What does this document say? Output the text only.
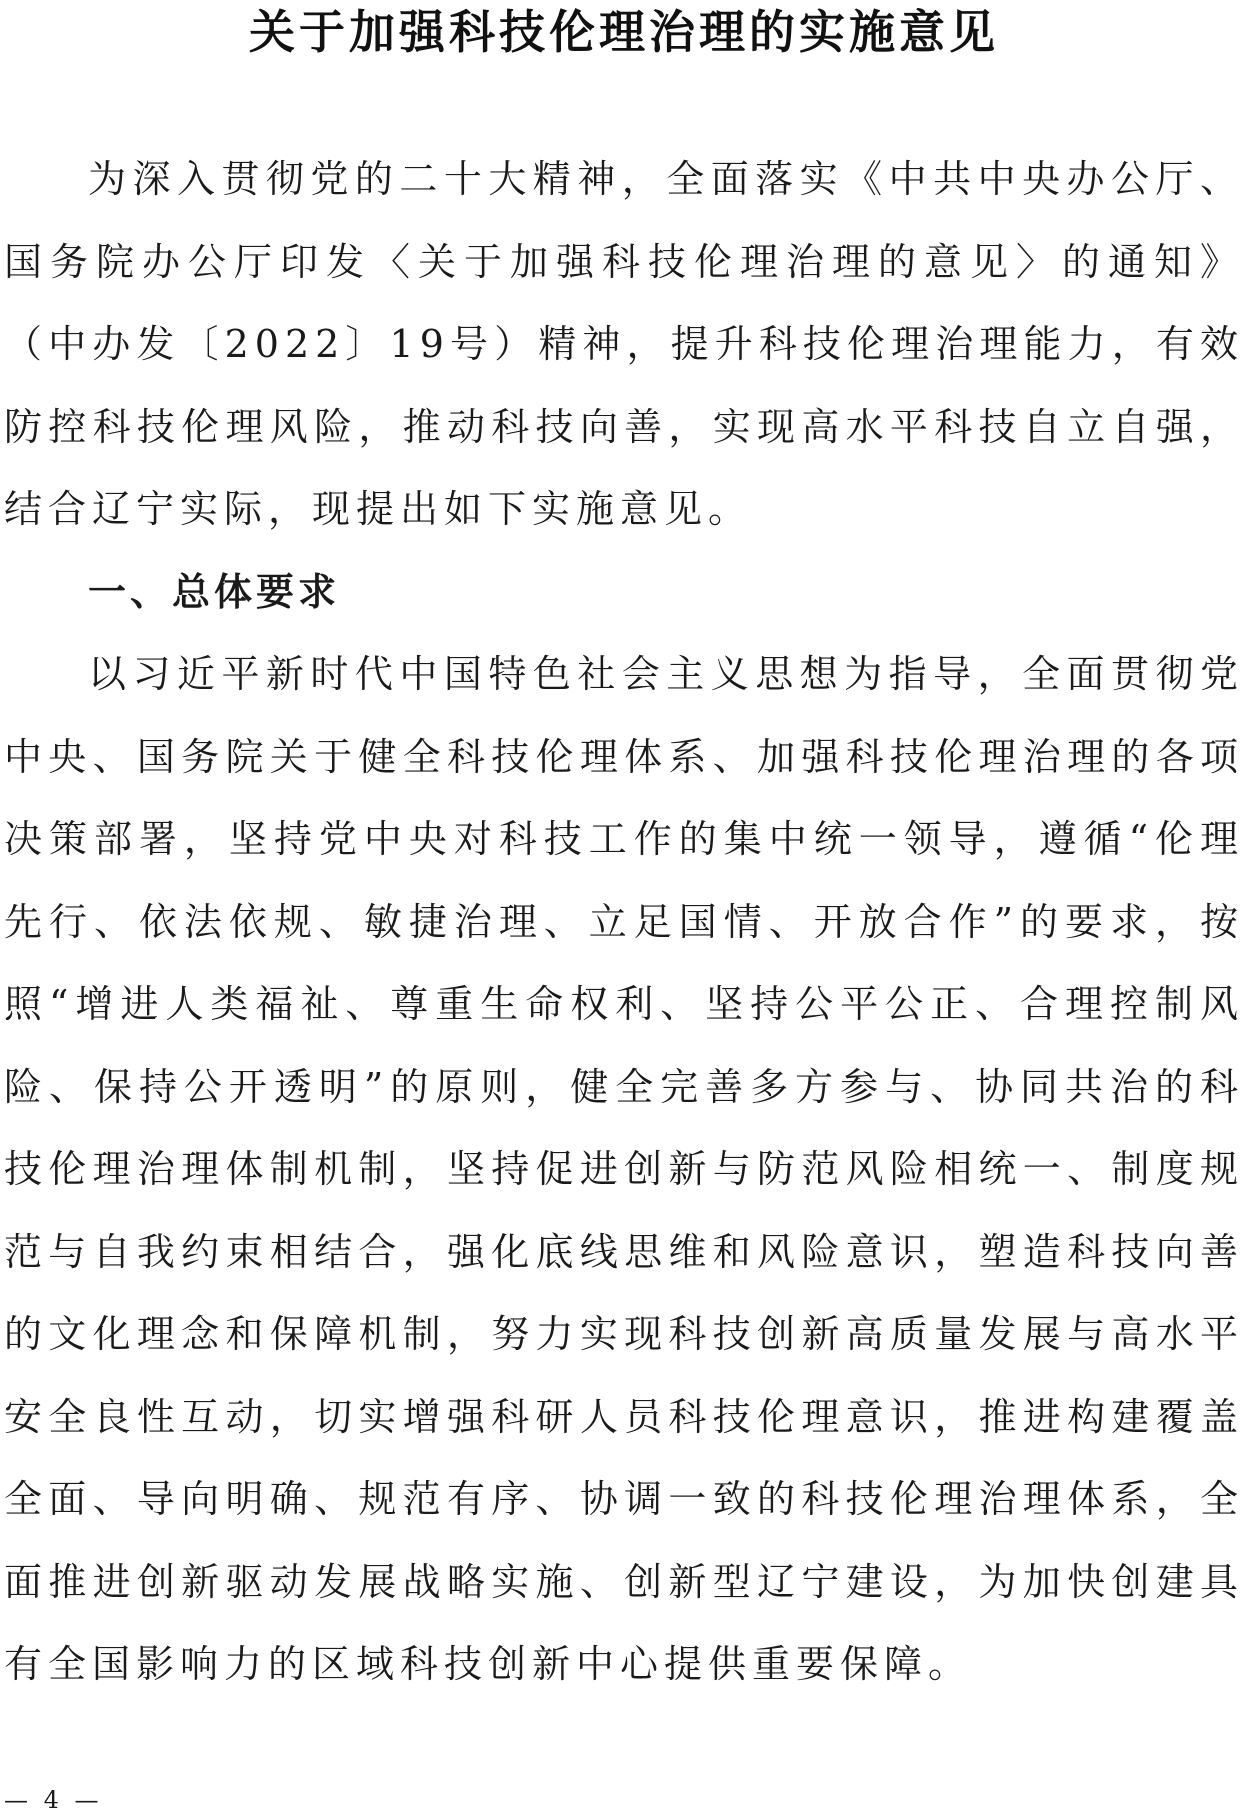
关于加强科技伦理治理的实施意见

为深入贯彻党的二十大精神，全面落实《中共中央办公厅、国务院办公厅印发〈关于加强科技伦理治理的意见〉的通知》（中办发〔2022〕19号）精神，提升科技伦理治理能力，有效防控科技伦理风险，推动科技向善，实现高水平科技自立自强，结合辽宁实际，现提出如下实施意见。

一、总体要求

以习近平新时代中国特色社会主义思想为指导，全面贯彻党中央、国务院关于健全科技伦理体系、加强科技伦理治理的各项决策部署，坚持党中央对科技工作的集中统一领导，遵循“伦理先行、依法依规、敏捷治理、立足国情、开放合作”的要求，按照“增进人类福祉、尊重生命权利、坚持公平公正、合理控制风险、保持公开透明”的原则，健全完善多方参与、协同共治的科技伦理治理体制机制，坚持促进创新与防范风险相统一、制度规范与自我约束相结合，强化底线思维和风险意识，塑造科技向善的文化理念和保障机制，努力实现科技创新高质量发展与高水平安全良性互动，切实增强科研人员科技伦理意识，推进构建覆盖全面、导向明确、规范有序、协调一致的科技伦理治理体系，全面推进创新驱动发展战略实施、创新型辽宁建设，为加快创建具有全国影响力的区域科技创新中心提供重要保障。

— 4 —
